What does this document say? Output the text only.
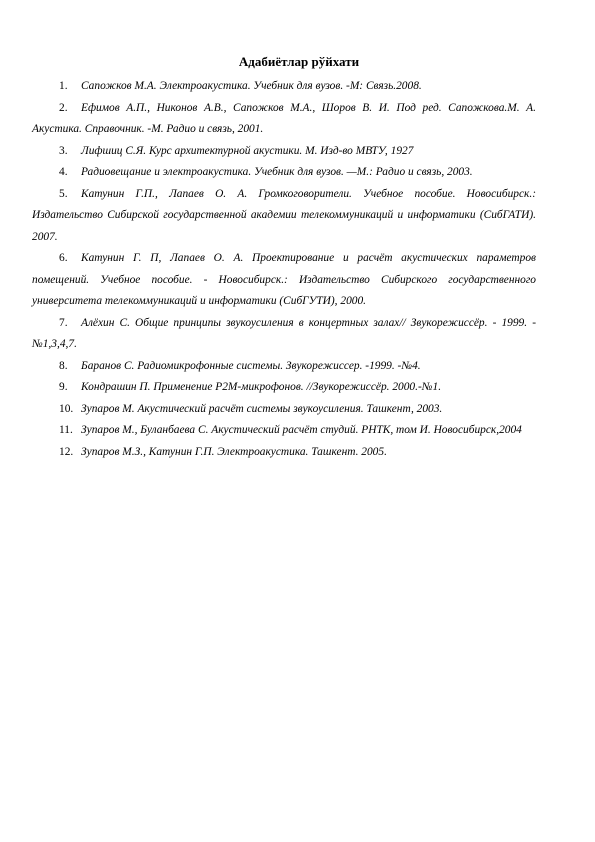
Адабиётлар рўйхати
1. Сапожков М.А. Электроакустика. Учебник для вузов. -М: Связь.2008.
2. Ефимов А.П., Никонов А.В., Сапожков М.А., Шоров В. И. Под ред. Сапожкова.М. А. Акустика. Справочник. -М. Радио и связь, 2001.
3. Лифшиц С.Я. Курс архитектурной акустики. М. Изд-во МВТУ, 1927
4. Радиовещание и электроакустика. Учебник для вузов. —М.: Радио и связь, 2003.
5. Катунин Г.П., Лапаев О. А. Громкоговорители. Учебное пособие. Новосибирск.: Издательство Сибирской государственной академии телекоммуникаций и информатики (СибГАТИ). 2007.
6. Катунин Г. П, Лапаев О. А. Проектирование и расчёт акустических параметров помещений. Учебное пособие. - Новосибирск.: Издательство Сибирского государственного университета телекоммуникаций и информатики (СибГУТИ), 2000.
7. Алёхин С. Общие принципы звукоусиления в концертных залах// Звукорежиссёр. - 1999. - №1,3,4,7.
8. Баранов С. Радиомикрофонные системы. Звукорежиссер. -1999. -№4.
9. Кондрашин П. Применение P2M-микрофонов. //Звукорежиссёр. 2000.-№1.
10. Зупаров М. Акустический расчёт системы звукоусиления. Ташкент, 2003.
11. Зупаров М., Буланбаева С. Акустический расчёт студий. РНТК, том И. Новосибирск,2004
12. Зупаров М.З., Катунин Г.П. Электроакустика. Ташкент. 2005.
